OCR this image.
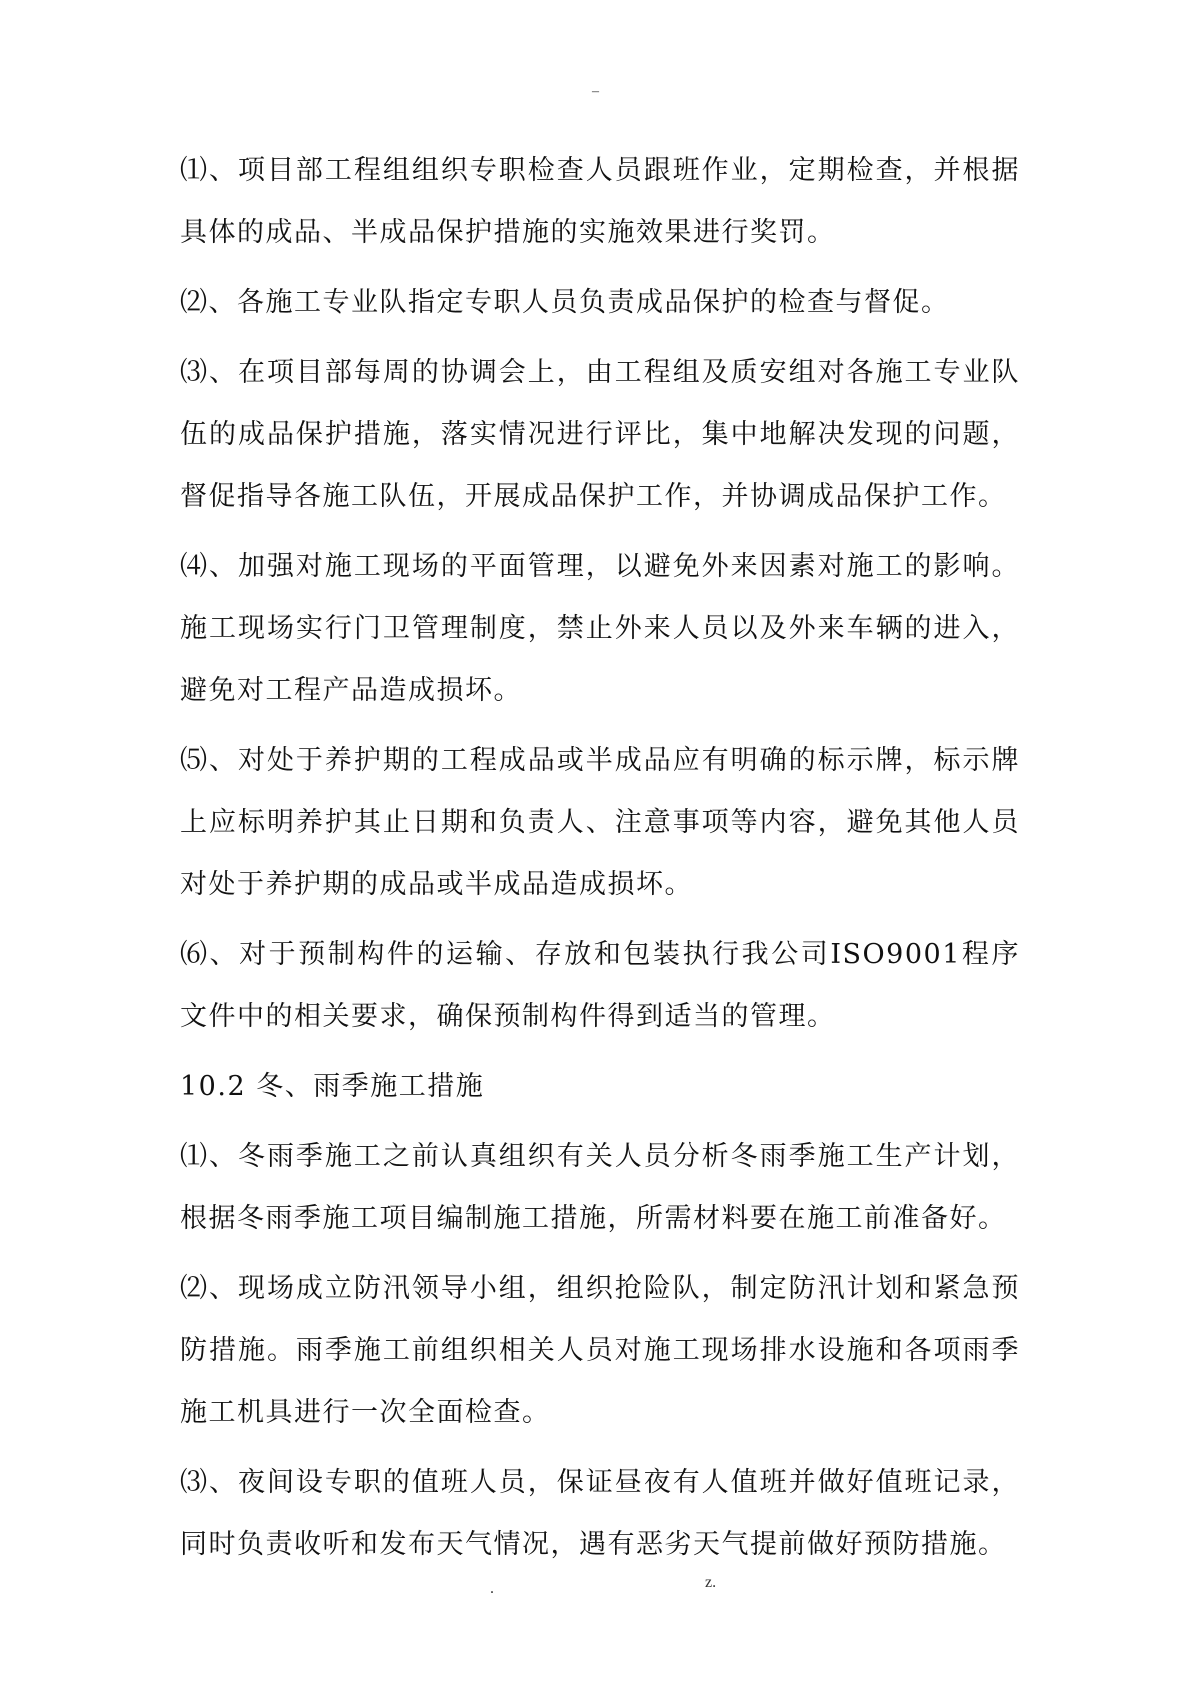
–

⑴、项目部工程组组织专职检查人员跟班作业，定期检查，并根据具体的成品、半成品保护措施的实施效果进行奖罚。

⑵、各施工专业队指定专职人员负责成品保护的检查与督促。

⑶、在项目部每周的协调会上，由工程组及质安组对各施工专业队伍的成品保护措施，落实情况进行评比，集中地解决发现的问题，督促指导各施工队伍，开展成品保护工作，并协调成品保护工作。

⑷、加强对施工现场的平面管理，以避免外来因素对施工的影响。施工现场实行门卫管理制度，禁止外来人员以及外来车辆的进入，避免对工程产品造成损坏。

⑸、对处于养护期的工程成品或半成品应有明确的标示牌，标示牌上应标明养护其止日期和负责人、注意事项等内容，避免其他人员对处于养护期的成品或半成品造成损坏。

⑹、对于预制构件的运输、存放和包装执行我公司ISO9001程序文件中的相关要求，确保预制构件得到适当的管理。

10.2 冬、雨季施工措施

⑴、冬雨季施工之前认真组织有关人员分析冬雨季施工生产计划，根据冬雨季施工项目编制施工措施，所需材料要在施工前准备好。

⑵、现场成立防汛领导小组，组织抢险队，制定防汛计划和紧急预防措施。雨季施工前组织相关人员对施工现场排水设施和各项雨季施工机具进行一次全面检查。

⑶、夜间设专职的值班人员，保证昼夜有人值班并做好值班记录，同时负责收听和发布天气情况，遇有恶劣天气提前做好预防措施。

.	z.
